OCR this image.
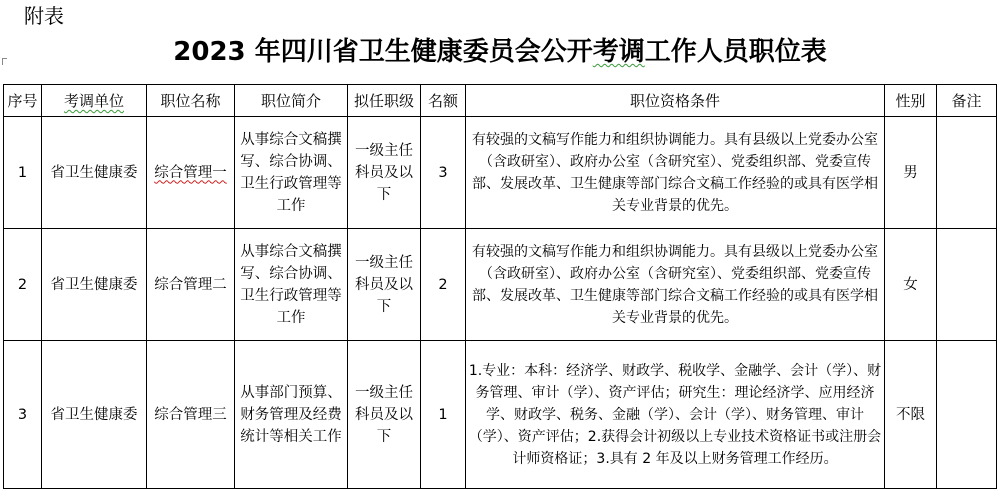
附表
2023 年四川省卫生健康委员会公开考调工作人员职位表
序号	考调单位	职位名称	职位简介	拟任职级	名额	职位资格条件	性别	备注
1	省卫生健康委	综合管理一	从事综合文稿撰写、综合协调、卫生行政管理等工作	一级主任科员及以下	3	有较强的文稿写作能力和组织协调能力。具有县级以上党委办公室（含政研室）、政府办公室（含研究室）、党委组织部、党委宣传部、发展改革、卫生健康等部门综合文稿工作经验的或具有医学相关专业背景的优先。	男	
2	省卫生健康委	综合管理二	从事综合文稿撰写、综合协调、卫生行政管理等工作	一级主任科员及以下	2	有较强的文稿写作能力和组织协调能力。具有县级以上党委办公室（含政研室）、政府办公室（含研究室）、党委组织部、党委宣传部、发展改革、卫生健康等部门综合文稿工作经验的或具有医学相关专业背景的优先。	女	
3	省卫生健康委	综合管理三	从事部门预算、财务管理及经费统计等相关工作	一级主任科员及以下	1	1.专业：本科：经济学、财政学、税收学、金融学、会计（学）、财务管理、审计（学）、资产评估；研究生：理论经济学、应用经济学、财政学、税务、金融（学）、会计（学）、财务管理、审计（学）、资产评估；2.获得会计初级以上专业技术资格证书或注册会计师资格证；3.具有 2 年及以上财务管理工作经历。	不限	
